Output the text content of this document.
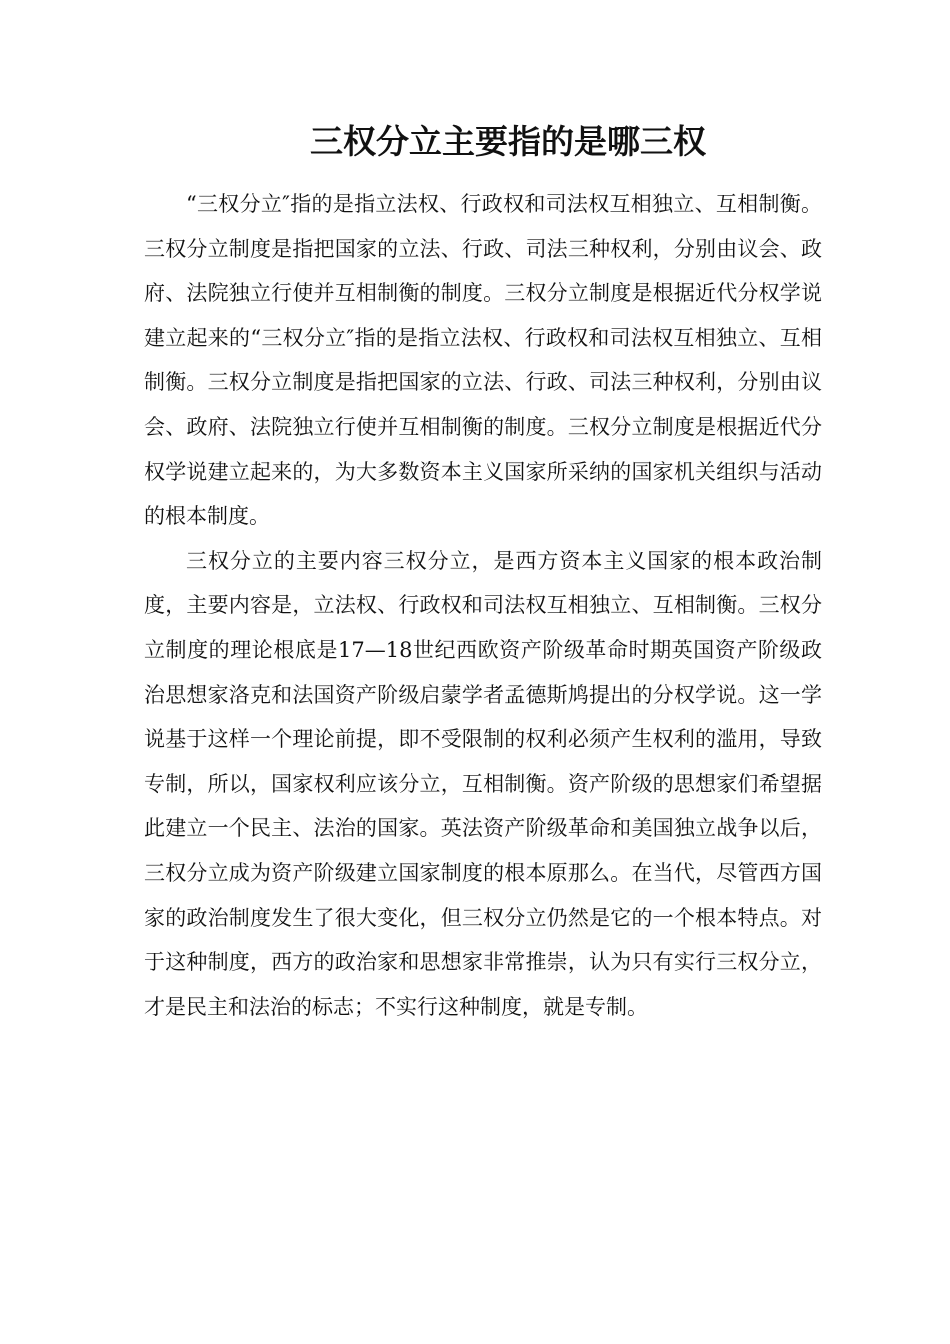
三权分立主要指的是哪三权

“三权分立″指的是指立法权、行政权和司法权互相独立、互相制衡。三权分立制度是指把国家的立法、行政、司法三种权利，分别由议会、政府、法院独立行使并互相制衡的制度。三权分立制度是根据近代分权学说建立起来的“三权分立″指的是指立法权、行政权和司法权互相独立、互相制衡。三权分立制度是指把国家的立法、行政、司法三种权利，分别由议会、政府、法院独立行使并互相制衡的制度。三权分立制度是根据近代分权学说建立起来的，为大多数资本主义国家所采纳的国家机关组织与活动的根本制度。

三权分立的主要内容三权分立，是西方资本主义国家的根本政治制度，主要内容是，立法权、行政权和司法权互相独立、互相制衡。三权分立制度的理论根底是17—18世纪西欧资产阶级革命时期英国资产阶级政治思想家洛克和法国资产阶级启蒙学者孟德斯鸠提出的分权学说。这一学说基于这样一个理论前提，即不受限制的权利必须产生权利的滥用，导致专制，所以，国家权利应该分立，互相制衡。资产阶级的思想家们希望据此建立一个民主、法治的国家。英法资产阶级革命和美国独立战争以后，三权分立成为资产阶级建立国家制度的根本原那么。在当代，尽管西方国家的政治制度发生了很大变化，但三权分立仍然是它的一个根本特点。对于这种制度，西方的政治家和思想家非常推崇，认为只有实行三权分立，才是民主和法治的标志；不实行这种制度，就是专制。
